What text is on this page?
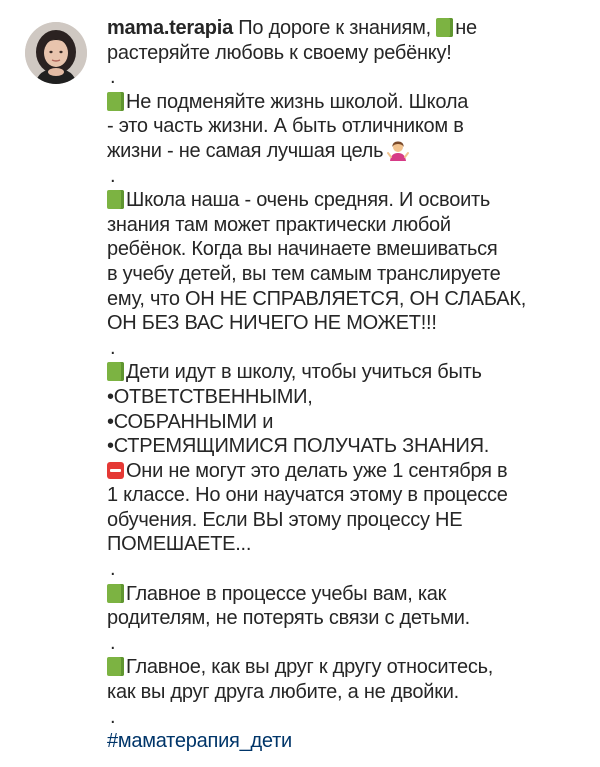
mama.terapia По дороге к знаниям, не
растеряйте любовь к своему ребёнку!

.

Не подменяйте жизнь школой. Школа
- это часть жизни. А быть отличником в
жизни - не самая лучшая цель

.

Школа наша - очень средняя. И освоить
знания там может практически любой
ребёнок. Когда вы начинаете вмешиваться
в учебу детей, вы тем самым транслируете
ему, что ОН НЕ СПРАВЛЯЕТСЯ, ОН СЛАБАК,
ОН БЕЗ ВАС НИЧЕГО НЕ МОЖЕТ!!!

.

Дети идут в школу, чтобы учиться быть
•ОТВЕТСТВЕННЫМИ,
•СОБРАННЫМИ и
•СТРЕМЯЩИМИСЯ ПОЛУЧАТЬ ЗНАНИЯ.
Они не могут это делать уже 1 сентября в
1 классе. Но они научатся этому в процессе
обучения. Если ВЫ этому процессу НЕ
ПОМЕШАЕТЕ...

.

Главное в процессе учебы вам, как
родителям, не потерять связи с детьми.

.

Главное, как вы друг к другу относитесь,
как вы друг друга любите, а не двойки.

.

#маматерапия_дети
